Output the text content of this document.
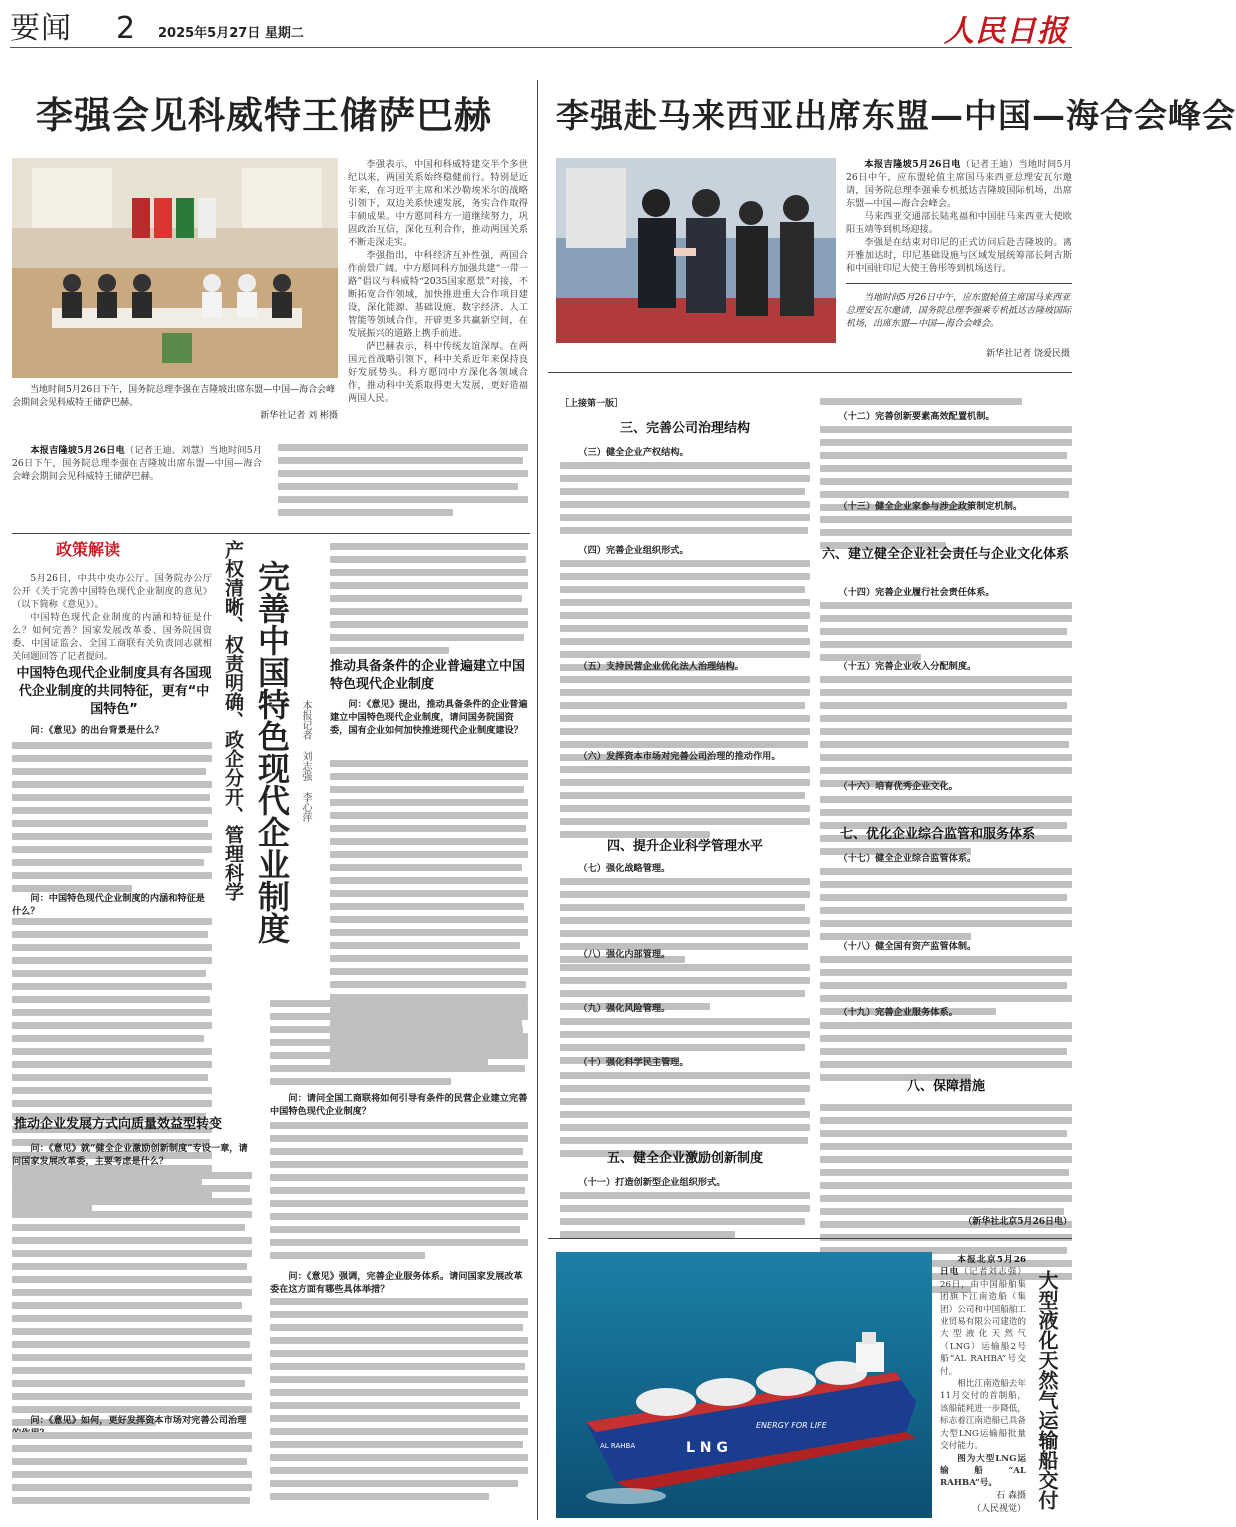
要闻 2 2025年5月27日 星期二	人民日报
李强会见科威特王储萨巴赫 李强赴马来西亚出席东盟—中国—海合会峰会
当地时间5月26日下午，国务院总理李强在吉隆坡出席东盟—中国—海合会峰会期间会见科威特王储萨巴赫。
新华社记者 刘 彬摄

李强表示，中国和科威特建交半个多世纪以来，两国关系始终稳健前行。特别是近年来，在习近平主席和米沙勒埃米尔的战略引领下，双边关系快速发展，务实合作取得丰硕成果。中方愿同科方一道继续努力，巩固政治互信，深化互利合作，推动两国关系不断走深走实。

李强指出，中科经济互补性强，两国合作前景广阔。中方愿同科方加强共建“一带一路”倡议与科威特“2035国家愿景”对接，不断拓宽合作领域，加快推进重大合作项目建设，深化能源、基础设施、数字经济、人工智能等领域合作，开辟更多共赢新空间，在发展振兴的道路上携手前进。

萨巴赫表示，科中传统友谊深厚。在两国元首战略引领下，科中关系近年来保持良好发展势头。科方愿同中方深化各领域合作，推动科中关系取得更大发展，更好造福两国人民。

本报吉隆坡5月26日电（记者王迪、刘慧）当地时间5月26日下午，国务院总理李强在吉隆坡出席东盟—中国—海合会峰会期间会见科威特王储萨巴赫。

政策解读

5月26日，中共中央办公厅、国务院办公厅公开《关于完善中国特色现代企业制度的意见》（以下简称《意见》）。

中国特色现代企业制度的内涵和特征是什么？如何完善？国家发展改革委、国务院国资委、中国证监会、全国工商联有关负责同志就相关问题回答了记者提问。

中国特色现代企业制度具有各国现代企业制度的共同特征，更有“中国特色”
问：《意见》的出台背景是什么？
问：中国特色现代企业制度的内涵和特征是什么？
推动企业发展方式向质量效益型转变
问：《意见》就“健全企业激励创新制度”专设一章，请问国家发展改革委，主要考虑是什么？
问：《意见》如何，更好发挥资本市场对完善公司治理
产权清晰、权责明确、政企分开、管理科学 完善中国特色现代企业制度 本报记者 刘志强 李心萍
推动具备条件的企业普遍建立中国特色现代企业制度
问：《意见》提出，推动具备条件的企业普遍建立中国特色现代企业制度，请问国务院国资委，国有企业如何加快推进现代企业制度建设？
问：请问全国工商联将如何引导有条件的民营企业建立完善中国特色现代企业制度？
问：《意见》强调，完善企业服务体系。请问国家发展改革委在这方面有哪些具体举措？

本报吉隆坡5月26日电（记者王迪）当地时间5月26日中午，应东盟轮值主席国马来西亚总理安瓦尔邀请，国务院总理李强乘专机抵达吉隆坡国际机场，出席东盟—中国—海合会峰会。

马来西亚交通部长陆兆福和中国驻马来西亚大使欧阳玉靖等到机场迎接。

李强是在结束对印尼的正式访问后赴吉隆坡的。离开雅加达时，印尼基础设施与区域发展统筹部长阿古斯和中国驻印尼大使王鲁彤等到机场送行。

当地时间5月26日中午，应东盟轮值主席国马来西亚总理安瓦尔邀请，国务院总理李强乘专机抵达吉隆坡国际机场，出席东盟—中国—海合会峰会。
新华社记者 饶爱民摄
［上接第一版］
三、完善公司治理结构
（三）健全企业产权结构。
（四）完善企业组织形式。
（五）支持民营企业优化法人治理结构。
（六）发挥资本市场对完善公司治理的推动作用。
四、提升企业科学管理水平
（七）强化战略管理。
（八）强化内部管理。
（九）强化风险管理。
（十）强化科学民主管理。
五、健全企业激励创新制度
（十一）打造创新型企业组织形式。
（十二）完善创新要素高效配置机制。
（十三）健全企业家参与涉企政策制定机制。
六、建立健全企业社会责任与企业文化体系
（十四）完善企业履行社会责任体系。
（十五）完善企业收入分配制度。
（十六）培育优秀企业文化。
七、优化企业综合监管和服务体系
（十七）健全企业综合监管体系。
（十八）健全国有资产监管体制。
（十九）完善企业服务体系。
八、保障措施
（新华社北京5月26日电）
L N G
ENERGY FOR LIFE
AL RAHBA

本报北京5月26日电（记者刘志强）26日，由中国船舶集团旗下江南造船（集团）公司和中国船舶工业贸易有限公司建造的大型液化天然气（LNG）运输船2号船“AL RAHBA”号交付。

相比江南造船去年11月交付的首制船，该船能耗进一步降低，标志着江南造船已具备大型LNG运输船批量交付能力。

图为大型LNG运输船“AL RAHBA”号。

石 森摄

（人民视觉） 大型液化天然气运输船交付
